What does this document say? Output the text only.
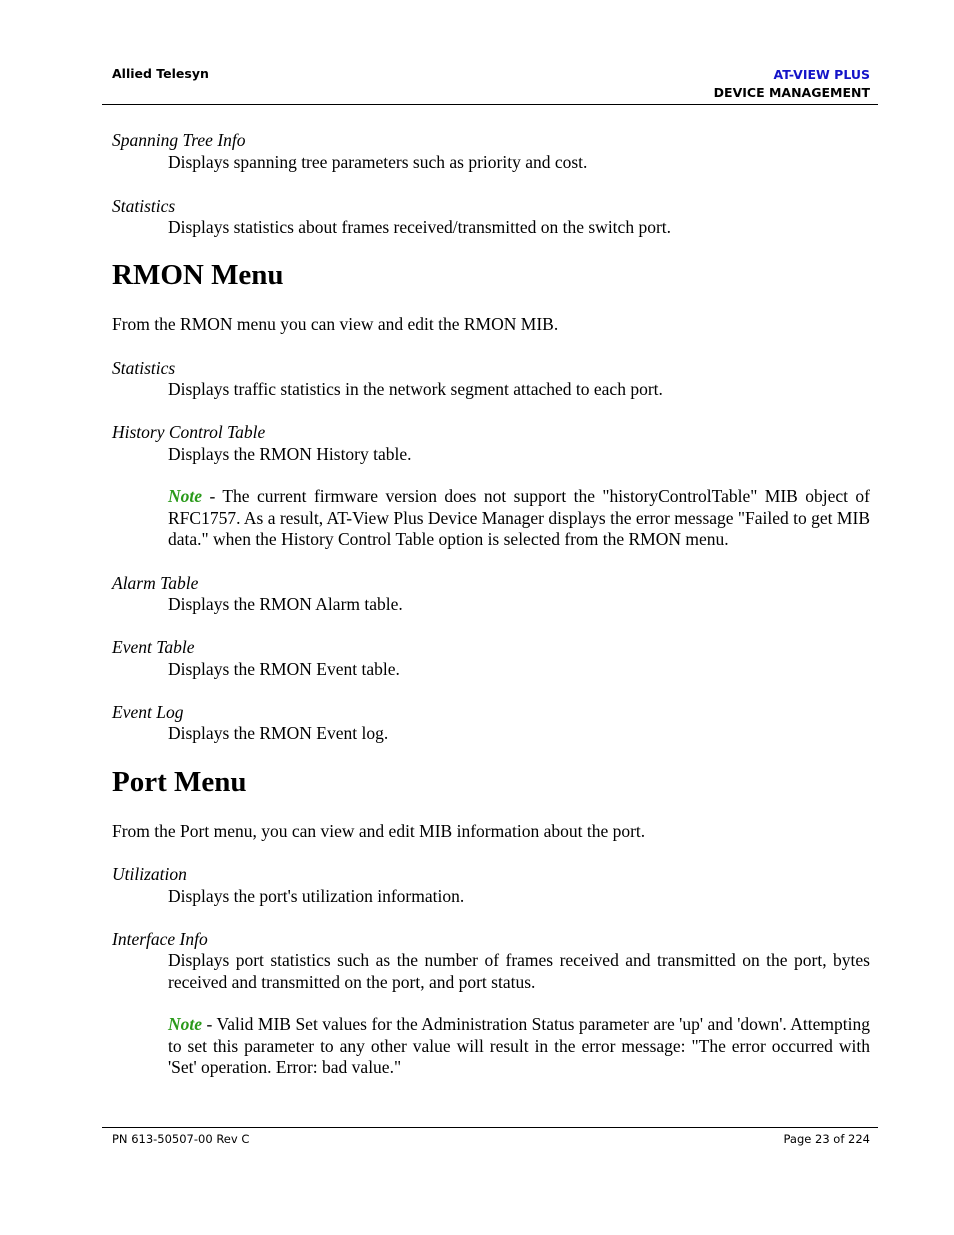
Allied Telesyn	AT-VIEW PLUS
DEVICE MANAGEMENT
Spanning Tree Info
Displays spanning tree parameters such as priority and cost.
Statistics
Displays statistics about frames received/transmitted on the switch port.
RMON Menu
From the RMON menu you can view and edit the RMON MIB.
Statistics
Displays traffic statistics in the network segment attached to each port.
History Control Table
Displays the RMON History table.
Note - The current firmware version does not support the "historyControlTable" MIB object of RFC1757. As a result, AT-View Plus Device Manager displays the error message "Failed to get MIB data." when the History Control Table option is selected from the RMON menu.
Alarm Table
Displays the RMON Alarm table.
Event Table
Displays the RMON Event table.
Event Log
Displays the RMON Event log.
Port Menu
From the Port menu, you can view and edit MIB information about the port.
Utilization
Displays the port's utilization information.
Interface Info
Displays port statistics such as the number of frames received and transmitted on the port, bytes received and transmitted on the port, and port status.
Note - Valid MIB Set values for the Administration Status parameter are 'up' and 'down'. Attempting to set this parameter to any other value will result in the error message: "The error occurred with 'Set' operation. Error: bad value."
PN 613-50507-00 Rev C	Page 23 of 224
